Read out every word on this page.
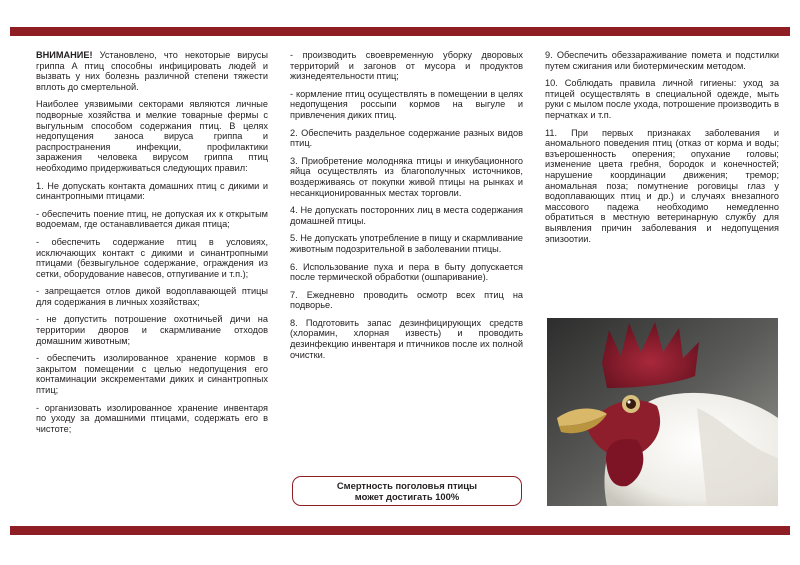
ВНИМАНИЕ! Установлено, что некоторые вирусы гриппа А птиц способны инфицировать людей и вызвать у них болезнь различной степени тяжести вплоть до смертельной.

Наиболее уязвимыми секторами являются личные подворные хозяйства и мелкие товарные фермы с выгульным способом содержания птиц. В целях недопущения заноса вируса гриппа и распространения инфекции, профилактики заражения человека вирусом гриппа птиц необходимо придерживаться следующих правил:

1. Не допускать контакта домашних птиц с дикими и синантропными птицами:

- обеспечить поение птиц, не допуская их к открытым водоемам, где останавливается дикая птица;

- обеспечить содержание птиц в условиях, исключающих контакт с дикими и синантропными птицами (безвыгульное содержание, ограждения из сетки, оборудование навесов, отпугивание и т.п.);

- запрещается отлов дикой водоплавающей птицы для содержания в личных хозяйствах;

- не допустить потрошение охотничьей дичи на территории дворов и скармливание отходов домашним животным;

- обеспечить изолированное хранение кормов в закрытом помещении с целью недопущения его контаминации экскрементами диких и синантропных птиц;

- организовать изолированное хранение инвентаря по уходу за домашними птицами, содержать его в чистоте;

- производить своевременную уборку дворовых территорий и загонов от мусора и продуктов жизнедеятельности птиц;

- кормление птиц осуществлять в помещении в целях недопущения россыпи кормов на выгуле и привлечения диких птиц.

2. Обеспечить раздельное содержание разных видов птиц.

3. Приобретение молодняка птицы и инкубационного яйца осуществлять из благополучных источников, воздерживаясь от покупки живой птицы на рынках и несанкционированных местах торговли.

4. Не допускать посторонних лиц в места содержания домашней птицы.

5. Не допускать употребление в пищу и скармливание животным подозрительной в заболевании птицы.

6. Использование пуха и пера в быту допускается после термической обработки (ошпаривание).

7. Ежедневно проводить осмотр всех птиц на подворье.

8. Подготовить запас дезинфицирующих средств (хлорамин, хлорная известь) и проводить дезинфекцию инвентаря и птичников после их полной очистки.

Смертность поголовья птицы
может достигать 100%

9. Обеспечить обеззараживание помета и подстилки путем сжигания или биотермическим методом.

10. Соблюдать правила личной гигиены: уход за птицей осуществлять в специальной одежде, мыть руки с мылом после ухода, потрошение производить в перчатках и т.п.

11. При первых признаках заболевания и аномального поведения птиц (отказ от корма и воды; взъерошенность оперения; опухание головы; изменение цвета гребня, бородок и конечностей; нарушение координации движения; тремор; аномальная поза; помутнение роговицы глаз у водоплавающих птиц и др.) и случаях внезапного массового падежа необходимо немедленно обратиться в местную ветеринарную службу для выявления причин заболевания и недопущения эпизоотии.
